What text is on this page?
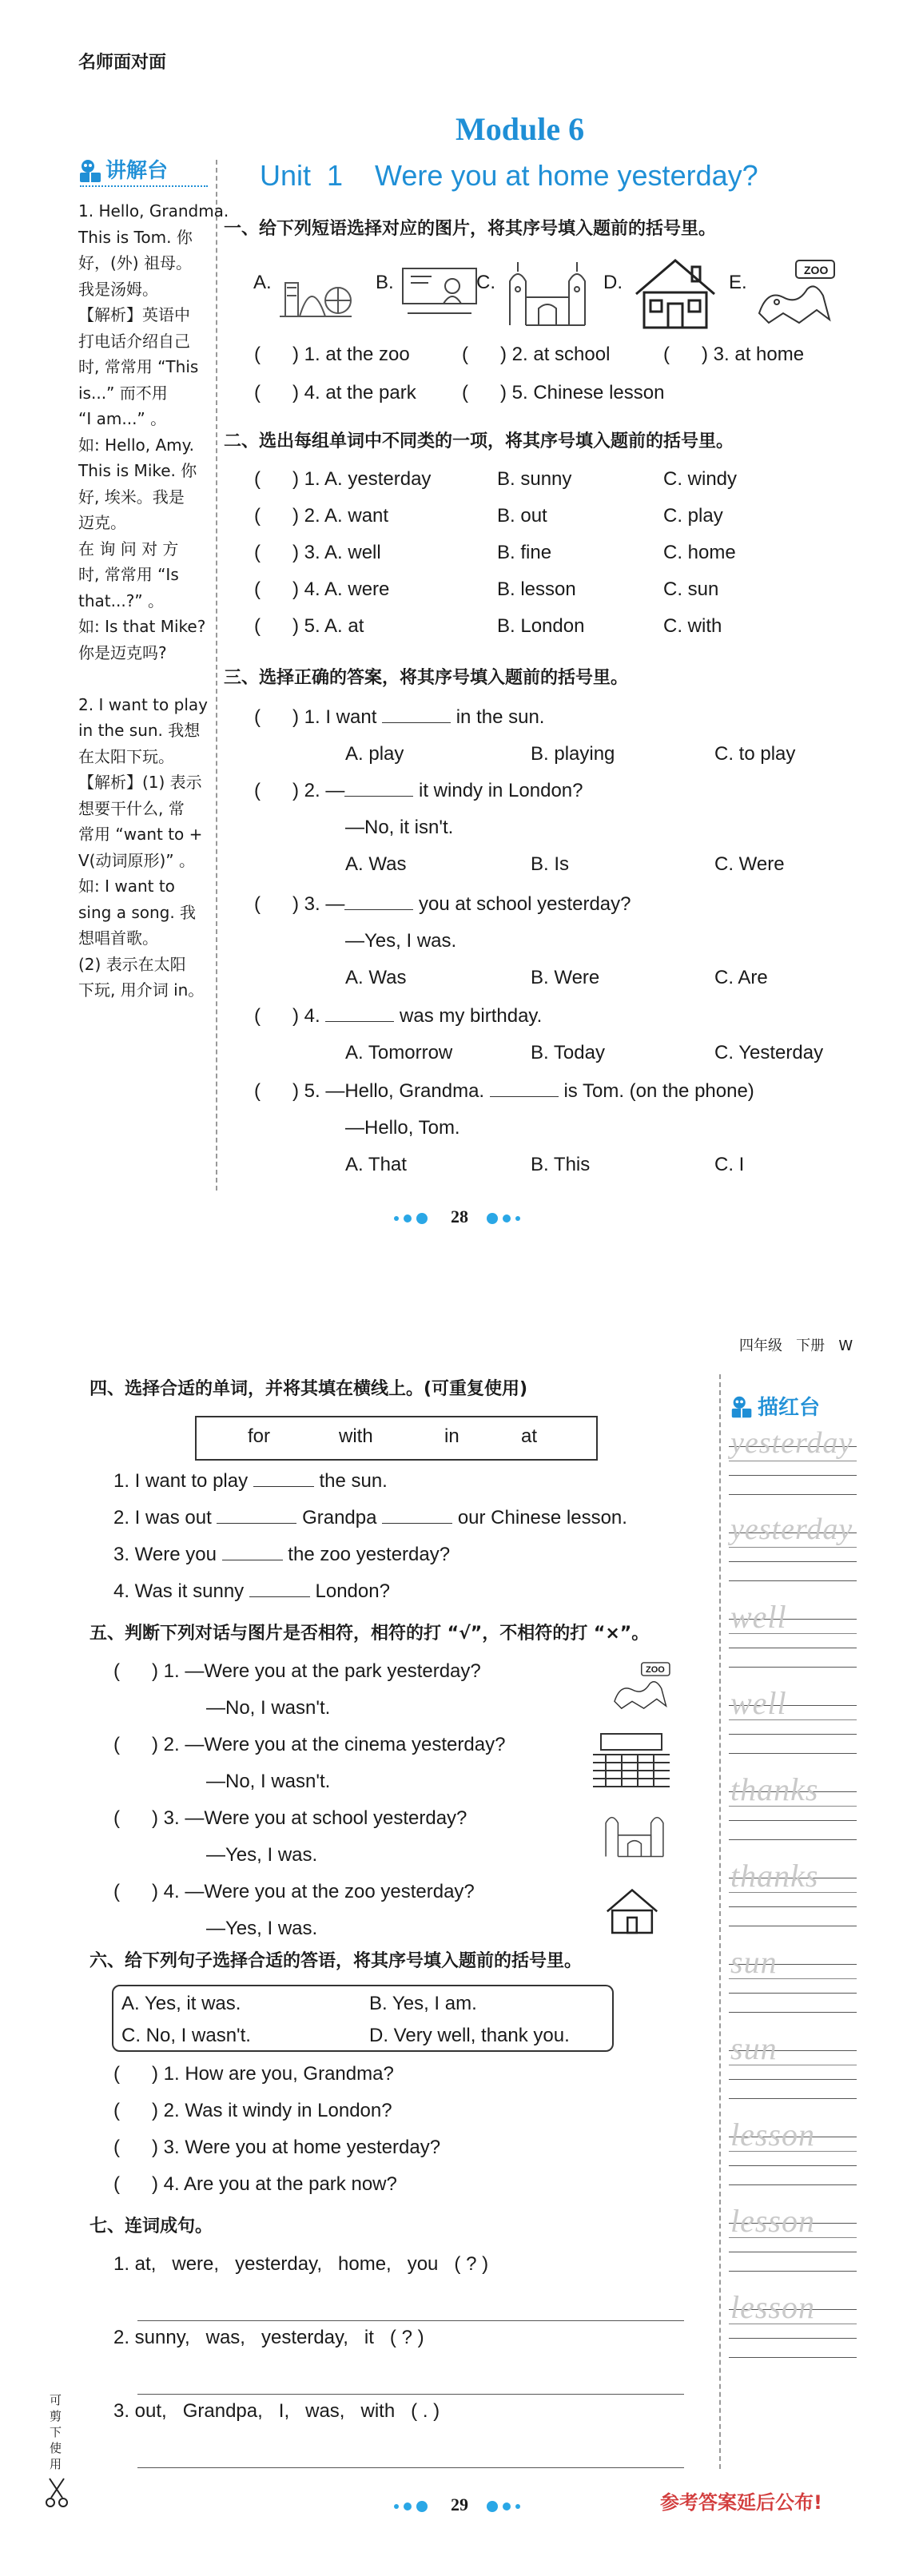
名师面对面
Module 6
Unit  1    Were you at home yesterday?
讲解台
1. Hello, Grandma.
This is Tom. 你
好，(外) 祖母。
我是汤姆。
【解析】英语中
打电话介绍自己
时, 常常用 “This
is...” 而不用
“I am...” 。
如: Hello, Amy.
This is Mike. 你
好, 埃米。我是
迈克。
在 询 问 对 方
时, 常常用 “Is
that...?” 。
如: Is that Mike?
你是迈克吗?
2. I want to play
in the sun. 我想
在太阳下玩。
【解析】(1) 表示
想要干什么, 常
常用 “want to +
V(动词原形)” 。
如: I want to
sing a song. 我
想唱首歌。
(2) 表示在太阳
下玩, 用介词 in。
一、给下列短语选择对应的图片，将其序号填入题前的括号里。
A.	B.	C.	D.	E.
ZOO
(      ) 1. at the zoo	(      ) 2. at school	(      ) 3. at home
(      ) 4. at the park (      ) 5. Chinese lesson
二、选出每组单词中不同类的一项，将其序号填入题前的括号里。
(      ) 1. A. yesterday	B. sunny	C. windy
(      ) 2. A. want	B. out	C. play
(      ) 3. A. well	B. fine	C. home
(      ) 4. A. were	B. lesson	C. sun
(      ) 5. A. at	B. London	C. with
三、选择正确的答案，将其序号填入题前的括号里。
(      ) 1. I want	in the sun.
A. play	B. playing	C. to play
(      ) 2. —	it windy in London?
—No, it isn't.
A. Was	B. Is	C. Were
(      ) 3. —	you at school yesterday?
—Yes, I was.
A. Was	B. Were	C. Are
(      ) 4.	was my birthday.
A. Tomorrow	B. Today	C. Yesterday
(      ) 5. —Hello, Grandma.	is Tom. (on the phone)
—Hello, Tom.
A. That	B. This	C. I
28
四年级   下册   W
描红台
yesterday
yesterday
well
well
thanks
thanks
sun
sun
lesson
lesson
lesson
四、选择合适的单词，并将其填在横线上。(可重复使用)
for	with	in	at
1. I want to play	the sun.
2. I was out	Grandpa	our Chinese lesson.
3. Were you	the zoo yesterday?
4. Was it sunny	London?
五、判断下列对话与图片是否相符，相符的打 “√”，不相符的打 “×”。
(      ) 1. —Were you at the park yesterday?
—No, I wasn't.
(      ) 2. —Were you at the cinema yesterday?
—No, I wasn't.
(      ) 3. —Were you at school yesterday?
—Yes, I was.
(      ) 4. —Were you at the zoo yesterday?
—Yes, I was.
ZOO
六、给下列句子选择合适的答语，将其序号填入题前的括号里。
A. Yes, it was.	B. Yes, I am.
C. No, I wasn't.	D. Very well, thank you.
(      ) 1. How are you, Grandma?
(      ) 2. Was it windy in London?
(      ) 3. Were you at home yesterday?
(      ) 4. Are you at the park now?
七、连词成句。
1. at,   were,   yesterday,   home,   you   ( ? )
2. sunny,   was,   yesterday,   it   ( ? )
3. out,   Grandpa,   I,   was,   with   ( . )
可
剪
下
使
用
29	参考答案延后公布!
